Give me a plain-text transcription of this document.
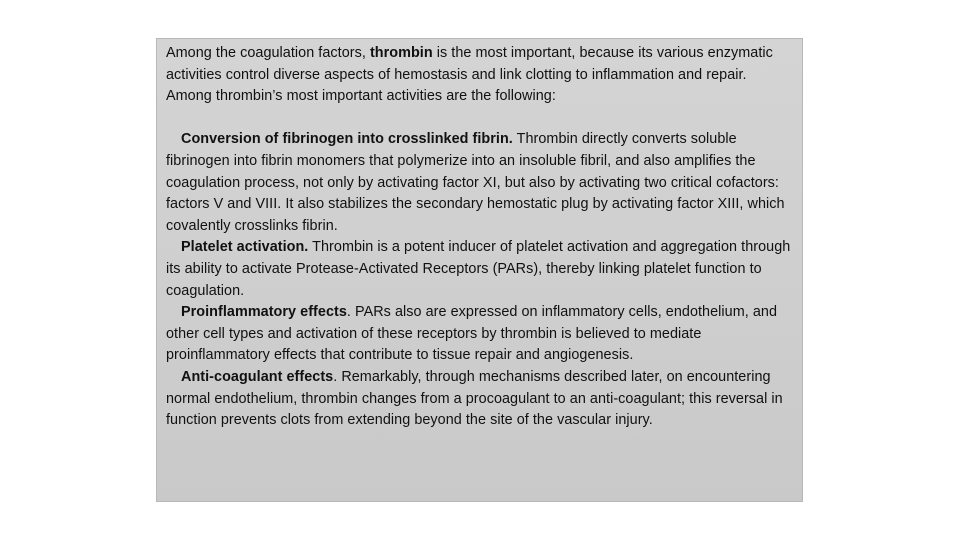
Among the coagulation factors, thrombin is the most important, because its various enzymatic activities control diverse aspects of hemostasis and link clotting to inflammation and repair. Among thrombin’s most important activities are the following:

Conversion of fibrinogen into crosslinked fibrin. Thrombin directly converts soluble fibrinogen into fibrin monomers that polymerize into an insoluble fibril, and also amplifies the coagulation process, not only by activating factor XI, but also by activating two critical cofactors: factors V and VIII. It also stabilizes the secondary hemostatic plug by activating factor XIII, which covalently crosslinks fibrin.

Platelet activation. Thrombin is a potent inducer of platelet activation and aggregation through its ability to activate Protease-Activated Receptors (PARs), thereby linking platelet function to coagulation.

Proinflammatory effects. PARs also are expressed on inflammatory cells, endothelium, and other cell types and activation of these receptors by thrombin is believed to mediate proinflammatory effects that contribute to tissue repair and angiogenesis.

Anti-coagulant effects. Remarkably, through mechanisms described later, on encountering normal endothelium, thrombin changes from a procoagulant to an anti-coagulant; this reversal in function prevents clots from extending beyond the site of the vascular injury.
